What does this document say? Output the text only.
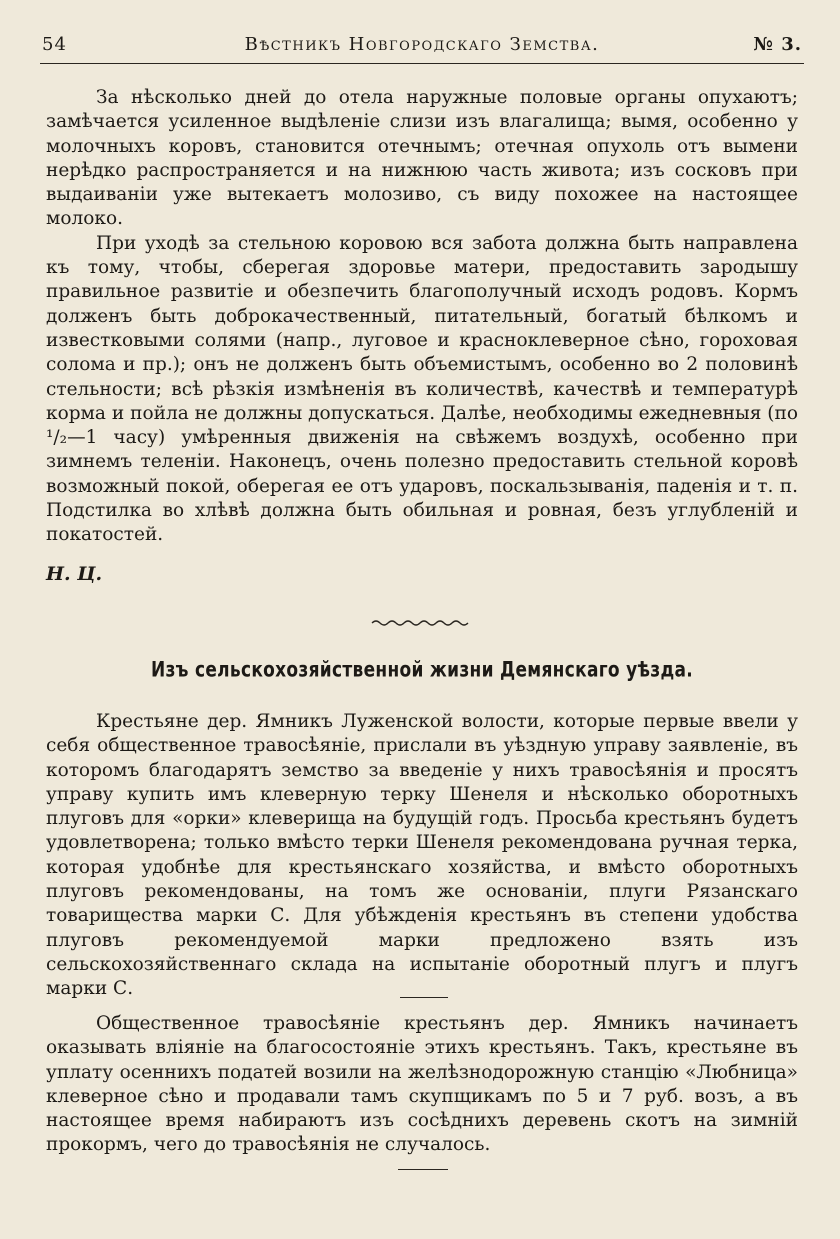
54	Вѣстникъ Новгородскаго Земства.	№ 3.

За нѣсколько дней до отела наружные половые органы опухаютъ; замѣчается усиленное выдѣленіе слизи изъ влагалища; вымя, особенно у молочныхъ коровъ, становится отечнымъ; отечная опухоль отъ вымени нерѣдко распространяется и на нижнюю часть живота; изъ сосковъ при выдаиваніи уже вытекаетъ молозиво, съ виду похожее на настоящее молоко.

При уходѣ за стельною коровою вся забота должна быть направлена къ тому, чтобы, сберегая здоровье матери, предоставить зародышу правильное развитіе и обезпечить благополучный исходъ родовъ. Кормъ долженъ быть доброкачественный, питательный, богатый бѣлкомъ и известковыми солями (напр., луговое и красноклеверное сѣно, гороховая солома и пр.); онъ не долженъ быть объемистымъ, особенно во 2 половинѣ стельности; всѣ рѣзкія измѣненія въ количествѣ, качествѣ и температурѣ корма и пойла не должны допускаться. Далѣе, необходимы ежедневныя (по ¹/₂—1 часу) умѣренныя движенія на свѣжемъ воздухѣ, особенно при зимнемъ теленіи. Наконецъ, очень полезно предоставить стельной коровѣ возможный покой, оберегая ее отъ ударовъ, поскальзыванія, паденія и т. п. Подстилка во хлѣвѣ должна быть обильная и ровная, безъ углубленій и покатостей.

Н. Ц.
Изъ сельскохозяйственной жизни Демянскаго уѣзда.

Крестьяне дер. Ямникъ Луженской волости, которые первые ввели у себя общественное травосѣяніе, прислали въ уѣздную управу заявленіе, въ которомъ благодарятъ земство за введеніе у нихъ травосѣянія и просятъ управу купить имъ клеверную терку Шенеля и нѣсколько оборотныхъ плуговъ для «орки» клеверища на будущій годъ. Просьба крестьянъ будетъ удовлетворена; только вмѣсто терки Шенеля рекомендована ручная терка, которая удобнѣе для крестьянскаго хозяйства, и вмѣсто оборотныхъ плуговъ рекомендованы, на томъ же основаніи, плуги Рязанскаго товарищества марки С. Для убѣжденія крестьянъ въ степени удобства плуговъ рекомендуемой марки предложено взять изъ сельскохозяйственнаго склада на испытаніе оборотный плугъ и плугъ марки С.

Общественное травосѣяніе крестьянъ дер. Ямникъ начинаетъ оказывать вліяніе на благосостояніе этихъ крестьянъ. Такъ, крестьяне въ уплату осеннихъ податей возили на желѣзнодорожную станцію «Любница» клеверное сѣно и продавали тамъ скупщикамъ по 5 и 7 руб. возъ, а въ настоящее время набираютъ изъ сосѣднихъ деревень скотъ на зимній прокормъ, чего до травосѣянія не случалось.
